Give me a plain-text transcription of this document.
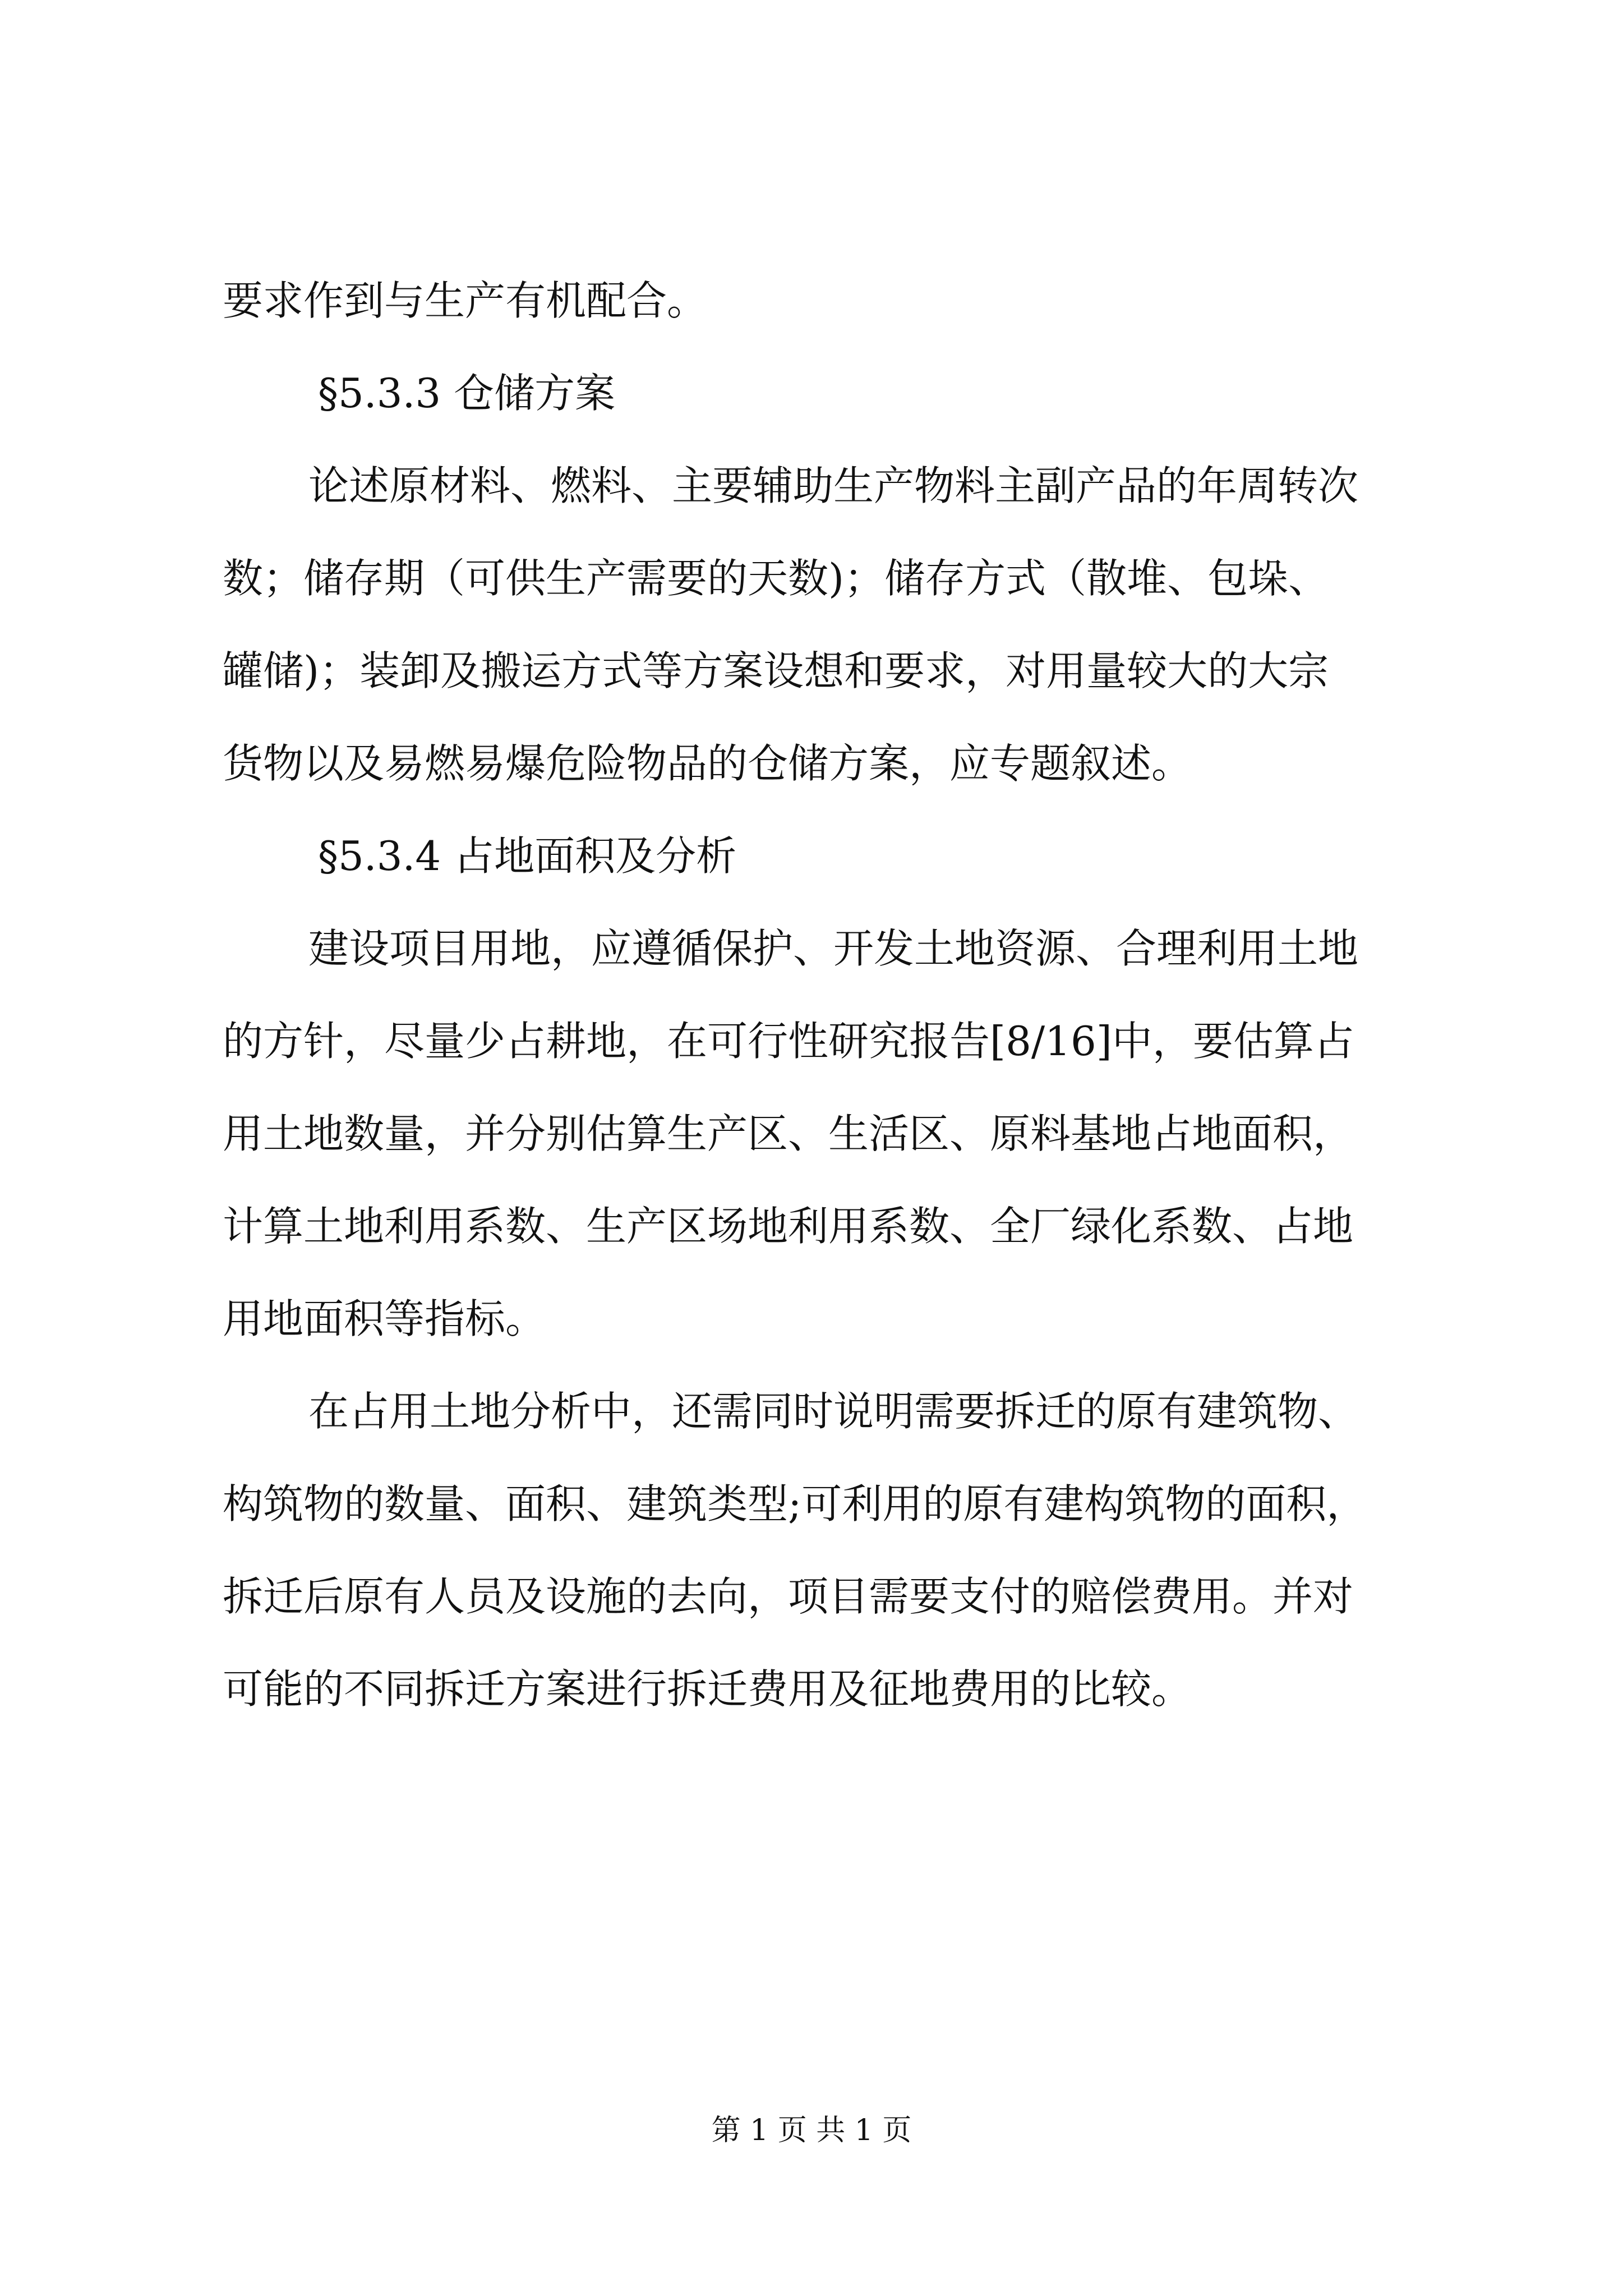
要求作到与生产有机配合。
§5.3.3 仓储方案
论述原材料、燃料、主要辅助生产物料主副产品的年周转次
数；储存期（可供生产需要的天数)；储存方式（散堆、包垛、
罐储)；装卸及搬运方式等方案设想和要求，对用量较大的大宗
货物以及易燃易爆危险物品的仓储方案，应专题叙述。
§5.3.4 占地面积及分析
建设项目用地，应遵循保护、开发土地资源、合理利用土地
的方针，尽量少占耕地，在可行性研究报告[8/16]中，要估算占
用土地数量，并分别估算生产区、生活区、原料基地占地面积，
计算土地利用系数、生产区场地利用系数、全厂绿化系数、占地
用地面积等指标。
在占用土地分析中，还需同时说明需要拆迁的原有建筑物、
构筑物的数量、面积、建筑类型;可利用的原有建构筑物的面积，
拆迁后原有人员及设施的去向，项目需要支付的赔偿费用。并对
可能的不同拆迁方案进行拆迁费用及征地费用的比较。
第 1 页 共 1 页
